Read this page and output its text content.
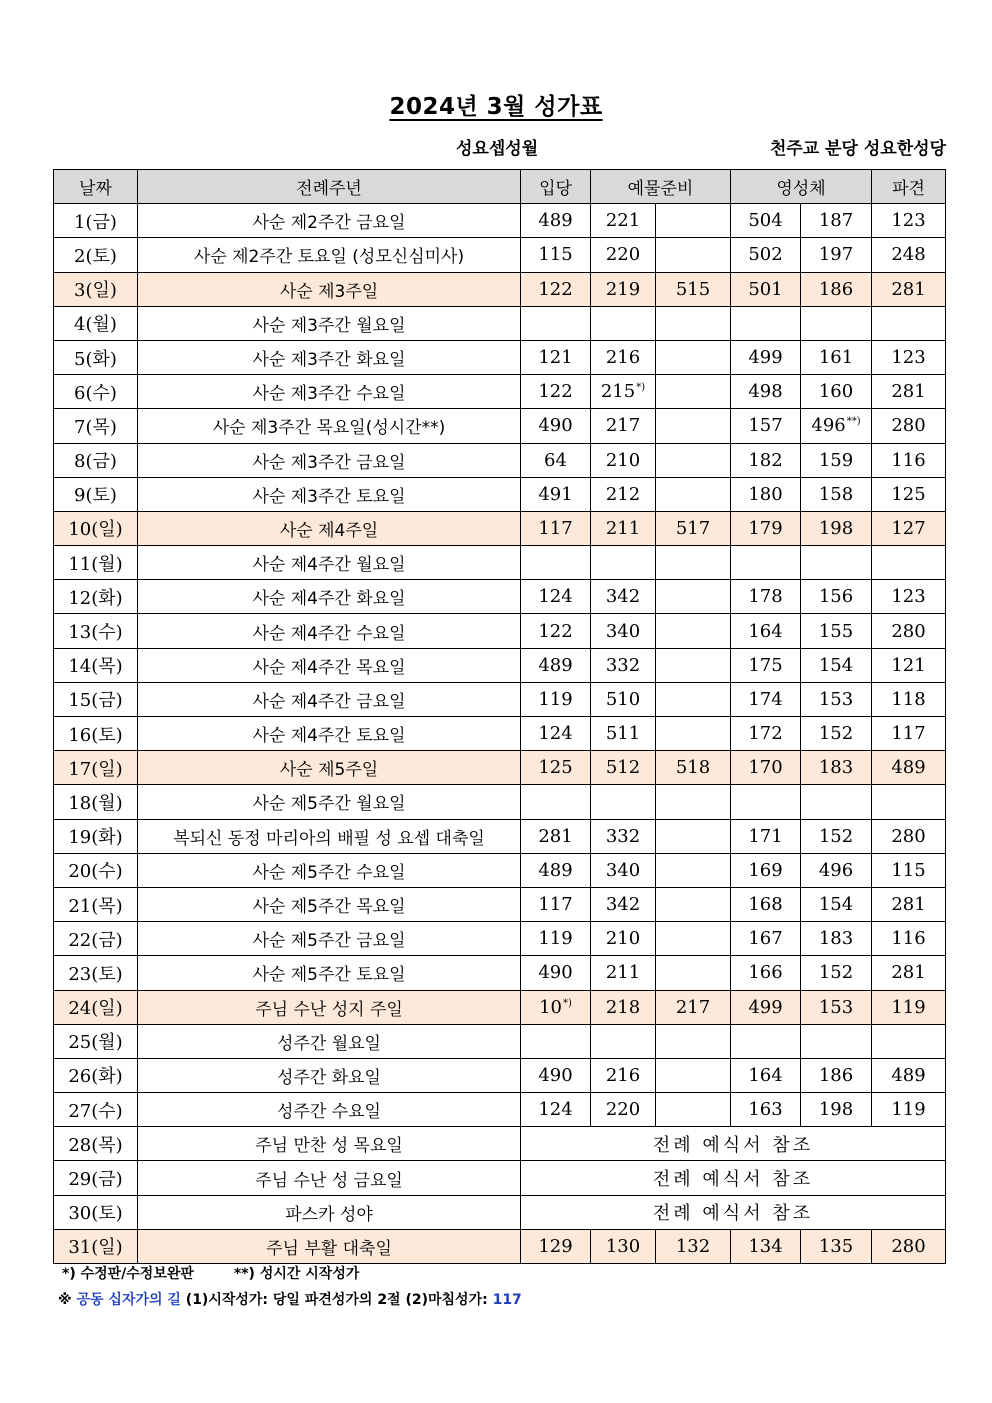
2024년 3월 성가표
성요셉성월	천주교 분당 성요한성당
날짜	전례주년	입당	예물준비		영성체		파견
1(금)	사순 제2주간 금요일	489	221		504	187	123
2(토)	사순 제2주간 토요일 (성모신심미사)	115	220		502	197	248
3(일)	사순 제3주일	122	219	515	501	186	281
4(월)	사순 제3주간 월요일						
5(화)	사순 제3주간 화요일	121	216		499	161	123
6(수)	사순 제3주간 수요일	122	215*)		498	160	281
7(목)	사순 제3주간 목요일(성시간**)	490	217		157	496**)	280
8(금)	사순 제3주간 금요일	64	210		182	159	116
9(토)	사순 제3주간 토요일	491	212		180	158	125
10(일)	사순 제4주일	117	211	517	179	198	127
11(월)	사순 제4주간 월요일						
12(화)	사순 제4주간 화요일	124	342		178	156	123
13(수)	사순 제4주간 수요일	122	340		164	155	280
14(목)	사순 제4주간 목요일	489	332		175	154	121
15(금)	사순 제4주간 금요일	119	510		174	153	118
16(토)	사순 제4주간 토요일	124	511		172	152	117
17(일)	사순 제5주일	125	512	518	170	183	489
18(월)	사순 제5주간 월요일						
19(화)	복되신 동정 마리아의 배필 성 요셉 대축일	281	332		171	152	280
20(수)	사순 제5주간 수요일	489	340		169	496	115
21(목)	사순 제5주간 목요일	117	342		168	154	281
22(금)	사순 제5주간 금요일	119	210		167	183	116
23(토)	사순 제5주간 토요일	490	211		166	152	281
24(일)	주님 수난 성지 주일	10*)	218	217	499	153	119
25(월)	성주간 월요일						
26(화)	성주간 화요일	490	216		164	186	489
27(수)	성주간 수요일	124	220		163	198	119
28(목)	주님 만찬 성 목요일	전례 예식서 참조					
29(금)	주님 수난 성 금요일	전례 예식서 참조					
30(토)	파스카 성야	전례 예식서 참조					
31(일)	주님 부활 대축일	129	130	132	134	135	280
*) 수정판/수정보완판	**) 성시간 시작성가
※ 공동 십자가의 길 (1)시작성가: 당일 파견성가의 2절 (2)마침성가: 117
